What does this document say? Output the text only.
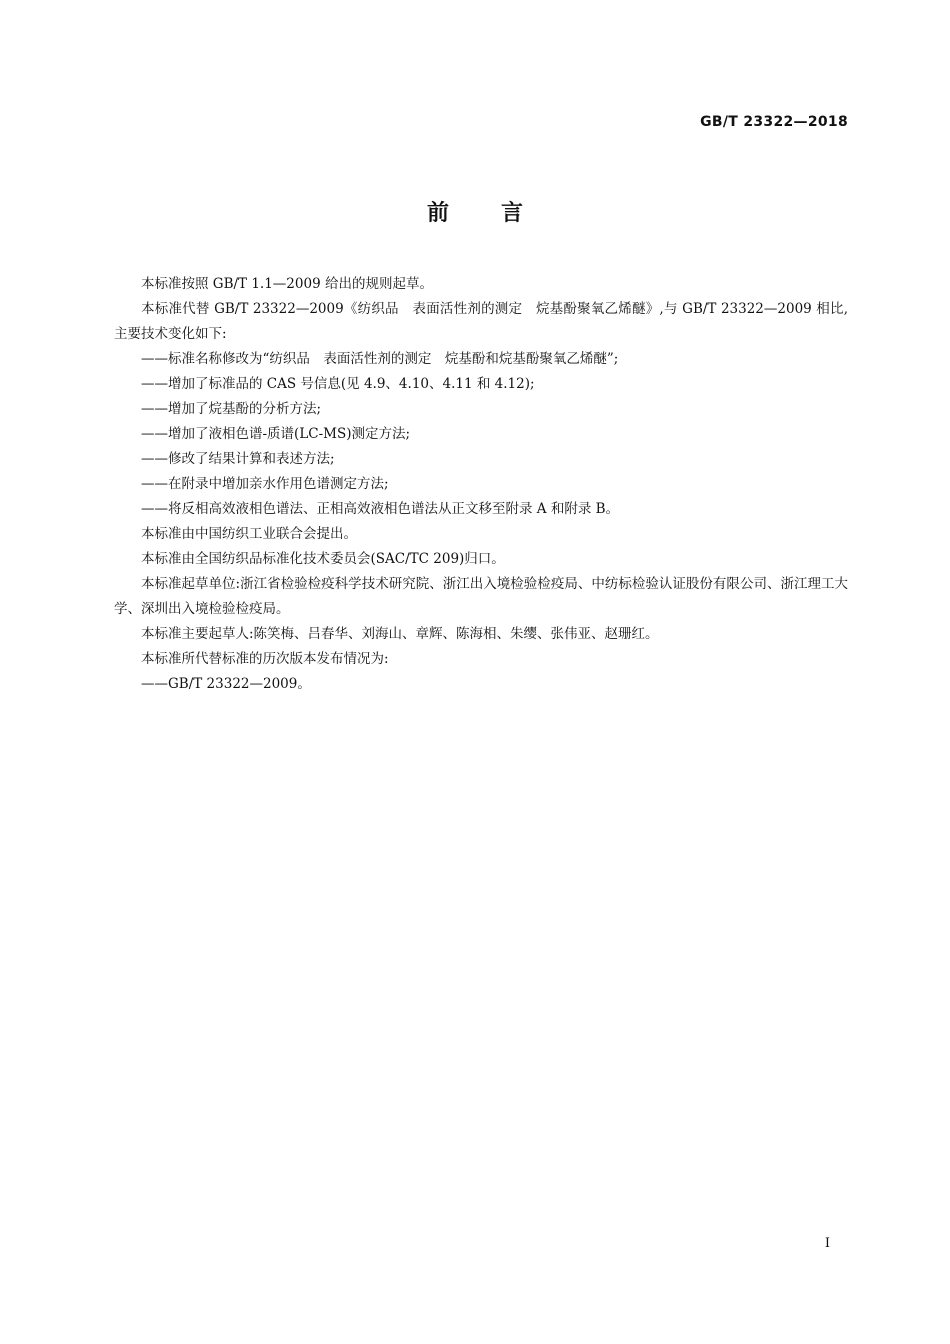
GB/T 23322—2018
前 言

本标准按照 GB/T 1.1—2009 给出的规则起草。

本标准代替 GB/T 23322—2009《纺织品　表面活性剂的测定　烷基酚聚氧乙烯醚》,与 GB/T 23322—2009 相比,主要技术变化如下:

——标准名称修改为“纺织品　表面活性剂的测定　烷基酚和烷基酚聚氧乙烯醚”;

——增加了标准品的 CAS 号信息(见 4.9、4.10、4.11 和 4.12);

——增加了烷基酚的分析方法;

——增加了液相色谱-质谱(LC-MS)测定方法;

——修改了结果计算和表述方法;

——在附录中增加亲水作用色谱测定方法;

——将反相高效液相色谱法、正相高效液相色谱法从正文移至附录 A 和附录 B。

本标准由中国纺织工业联合会提出。

本标准由全国纺织品标准化技术委员会(SAC/TC 209)归口。

本标准起草单位:浙江省检验检疫科学技术研究院、浙江出入境检验检疫局、中纺标检验认证股份有限公司、浙江理工大学、深圳出入境检验检疫局。

本标准主要起草人:陈笑梅、吕春华、刘海山、章辉、陈海相、朱缨、张伟亚、赵珊红。

本标准所代替标准的历次版本发布情况为:

——GB/T 23322—2009。

Ⅰ
